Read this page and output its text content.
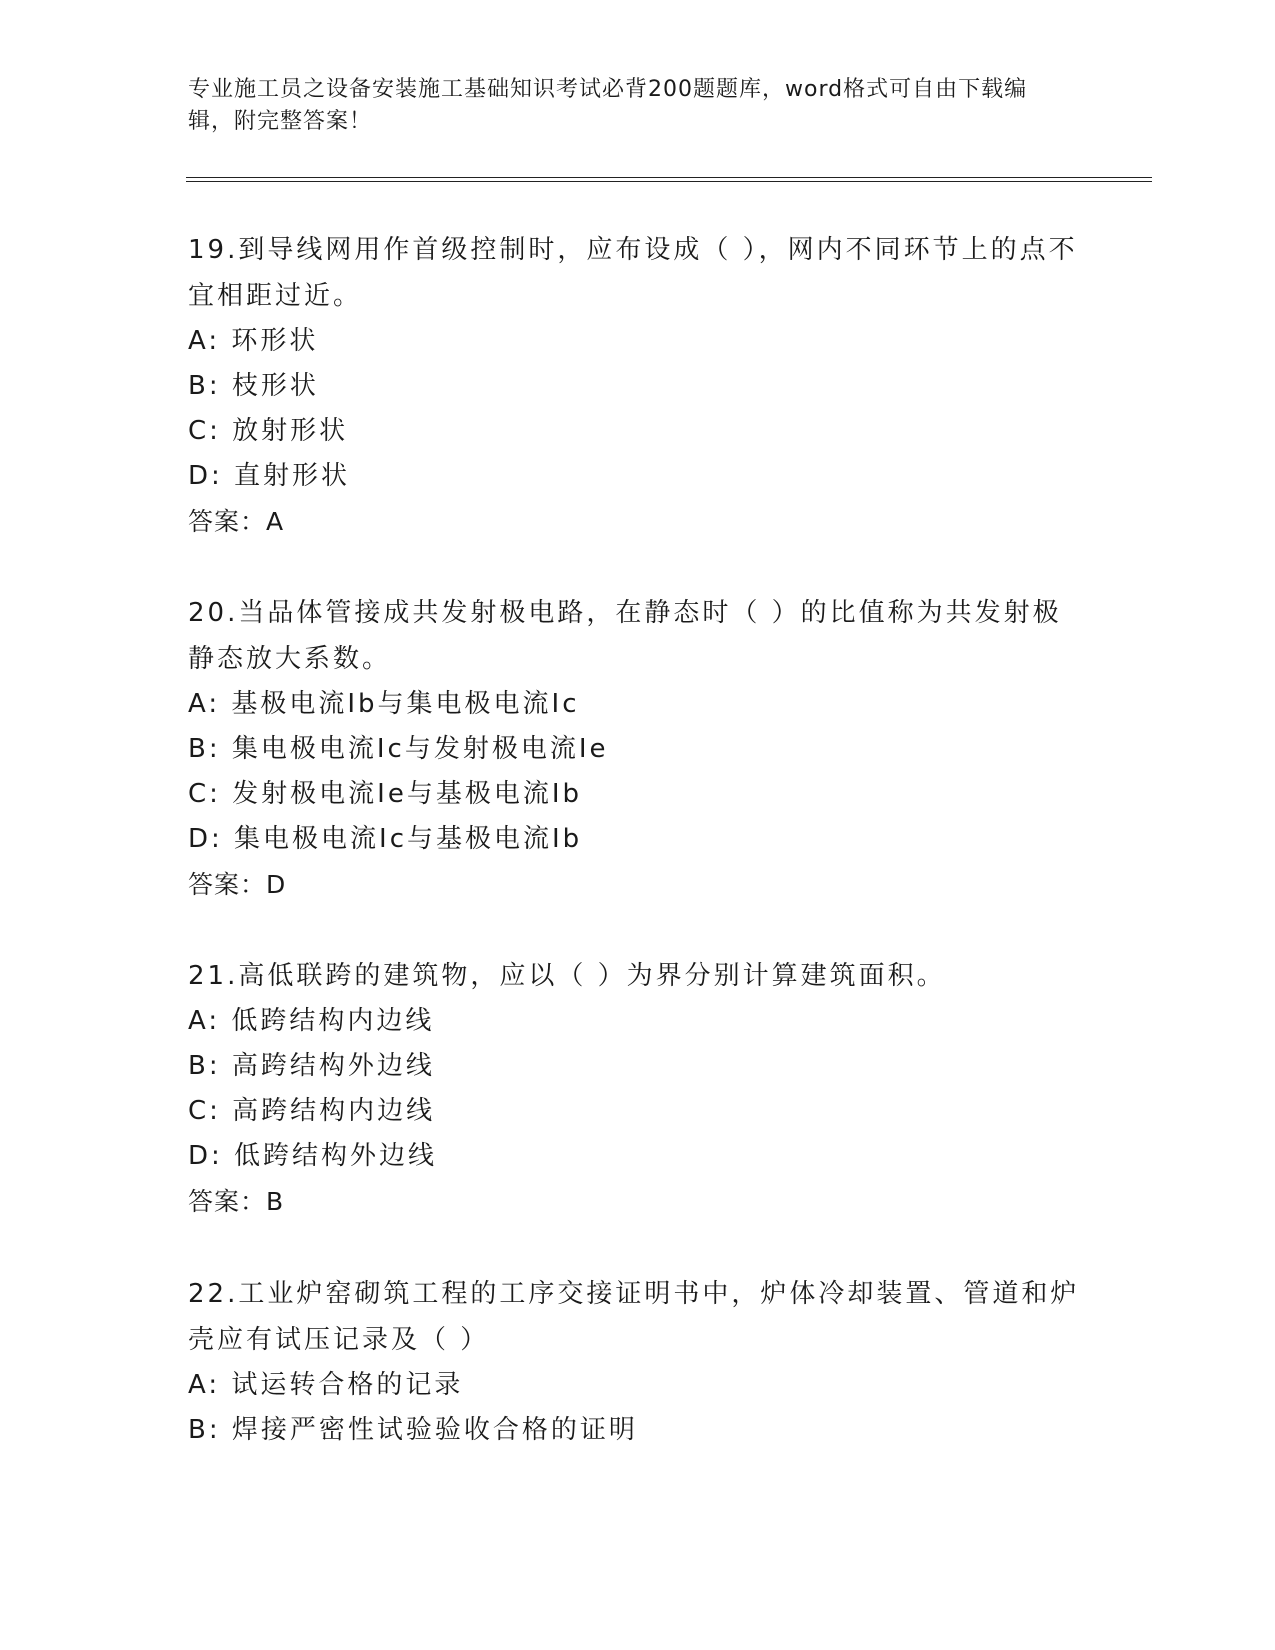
专业施工员之设备安装施工基础知识考试必背200题题库，word格式可自由下载编辑，附完整答案！

19.到导线网用作首级控制时，应布设成（ ），网内不同环节上的点不宜相距过近。

A: 环形状

B: 枝形状

C: 放射形状

D: 直射形状

答案：A

20.当品体管接成共发射极电路，在静态时（ ）的比值称为共发射极静态放大系数。

A: 基极电流Ib与集电极电流Ic

B: 集电极电流Ic与发射极电流Ie

C: 发射极电流Ie与基极电流Ib

D: 集电极电流Ic与基极电流Ib

答案：D

21.高低联跨的建筑物，应以（ ）为界分别计算建筑面积。

A: 低跨结构内边线

B: 高跨结构外边线

C: 高跨结构内边线

D: 低跨结构外边线

答案：B

22.工业炉窑砌筑工程的工序交接证明书中，炉体冷却装置、管道和炉壳应有试压记录及（ ）

A: 试运转合格的记录

B: 焊接严密性试验验收合格的证明
